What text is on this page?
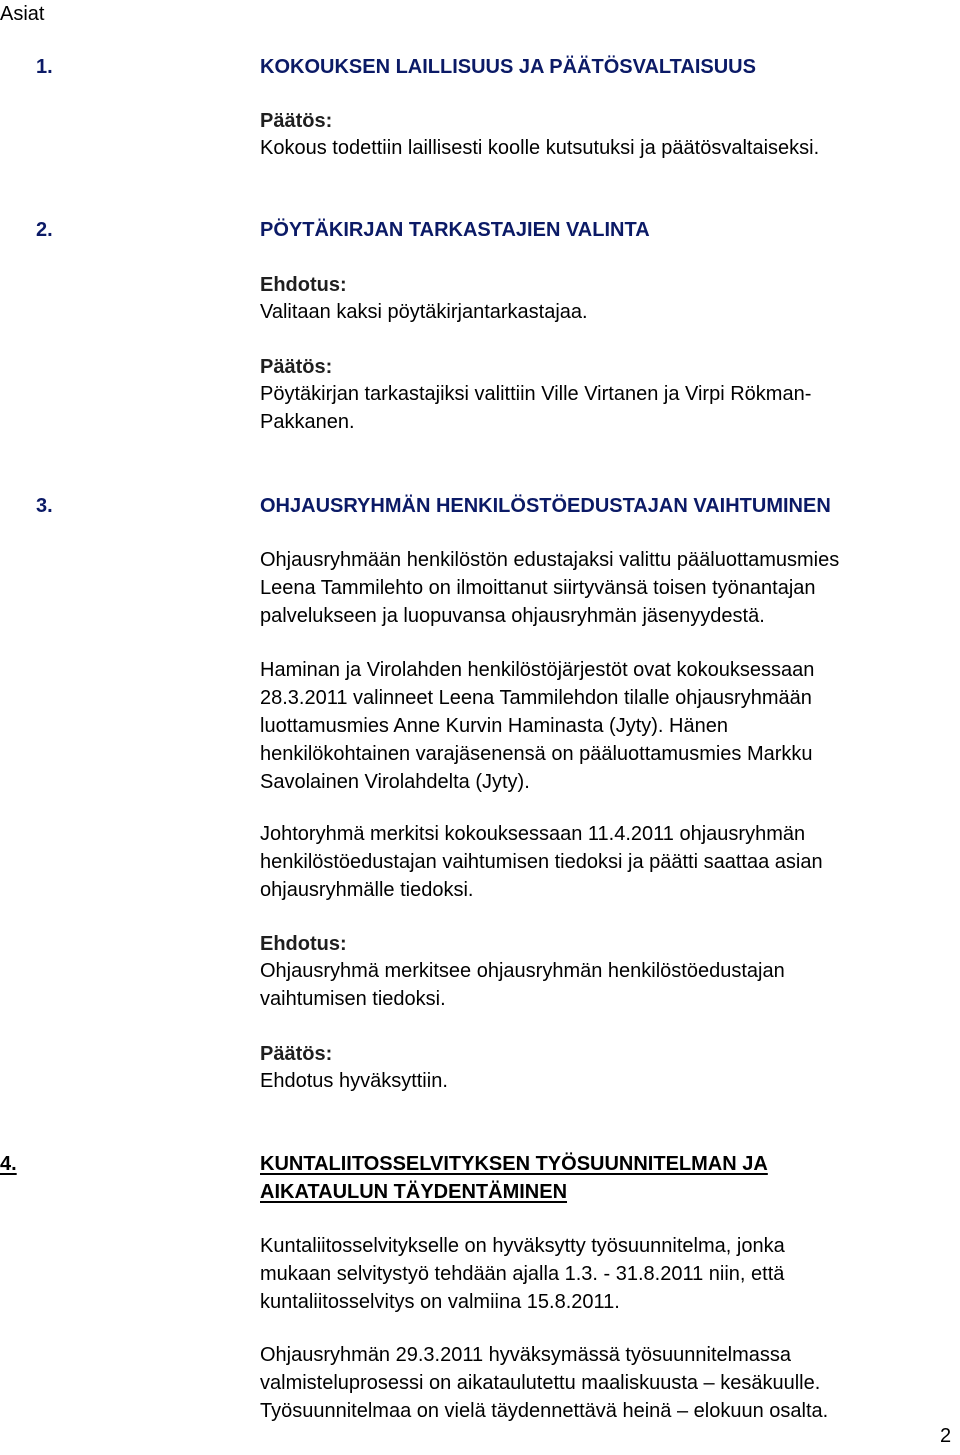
Asiat
1.	KOKOUKSEN LAILLISUUS JA PÄÄTÖSVALTAISUUS
Päätös:
Kokous todettiin laillisesti koolle kutsutuksi ja päätösvaltaiseksi.
2.	PÖYTÄKIRJAN TARKASTAJIEN VALINTA
Ehdotus:
Valitaan kaksi pöytäkirjantarkastajaa.
Päätös:
Pöytäkirjan tarkastajiksi valittiin Ville Virtanen ja Virpi Rökman-
Pakkanen.
3.	OHJAUSRYHMÄN HENKILÖSTÖEDUSTAJAN VAIHTUMINEN
Ohjausryhmään henkilöstön edustajaksi valittu pääluottamusmies
Leena Tammilehto on ilmoittanut siirtyvänsä toisen työnantajan
palvelukseen ja luopuvansa ohjausryhmän jäsenyydestä.
Haminan ja Virolahden henkilöstöjärjestöt ovat kokouksessaan
28.3.2011 valinneet Leena Tammilehdon tilalle ohjausryhmään
luottamusmies Anne Kurvin Haminasta (Jyty). Hänen
henkilökohtainen varajäsenensä on pääluottamusmies Markku
Savolainen Virolahdelta (Jyty).
Johtoryhmä merkitsi kokouksessaan 11.4.2011 ohjausryhmän
henkilöstöedustajan vaihtumisen tiedoksi ja päätti saattaa asian
ohjausryhmälle tiedoksi.
Ehdotus:
Ohjausryhmä merkitsee ohjausryhmän henkilöstöedustajan
vaihtumisen tiedoksi.
Päätös:
Ehdotus hyväksyttiin.
4.	KUNTALIITOSSELVITYKSEN TYÖSUUNNITELMAN JA
AIKATAULUN TÄYDENTÄMINEN
Kuntaliitosselvitykselle on hyväksytty työsuunnitelma, jonka
mukaan selvitystyö tehdään ajalla 1.3. - 31.8.2011 niin, että
kuntaliitosselvitys on valmiina 15.8.2011.
Ohjausryhmän 29.3.2011 hyväksymässä työsuunnitelmassa
valmisteluprosessi on aikataulutettu maaliskuusta – kesäkuulle.
Työsuunnitelmaa on vielä täydennettävä heinä – elokuun osalta.
2
